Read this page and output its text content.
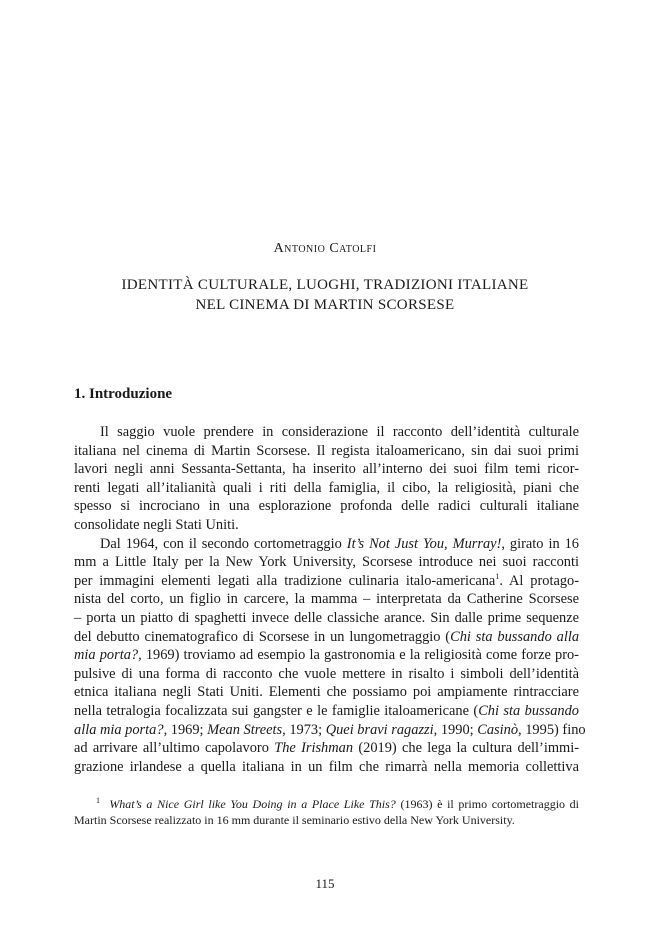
Antonio Catolfi
IDENTITÀ CULTURALE, LUOGHI, TRADIZIONI ITALIANE
NEL CINEMA DI MARTIN SCORSESE
1. Introduzione
Il saggio vuole prendere in considerazione il racconto dell’identità culturale
italiana nel cinema di Martin Scorsese. Il regista italoamericano, sin dai suoi primi
lavori negli anni Sessanta-Settanta, ha inserito all’interno dei suoi film temi ricor-
renti legati all’italianità quali i riti della famiglia, il cibo, la religiosità, piani che
spesso si incrociano in una esplorazione profonda delle radici culturali italiane
consolidate negli Stati Uniti.
Dal 1964, con il secondo cortometraggio It’s Not Just You, Murray!, girato in 16
mm a Little Italy per la New York University, Scorsese introduce nei suoi racconti
per immagini elementi legati alla tradizione culinaria italo-americana$^1$. Al protago-
nista del corto, un figlio in carcere, la mamma – interpretata da Catherine Scorsese
– porta un piatto di spaghetti invece delle classiche arance. Sin dalle prime sequenze
del debutto cinematografico di Scorsese in un lungometraggio (Chi sta bussando alla
mia porta?, 1969) troviamo ad esempio la gastronomia e la religiosità come forze pro-
pulsive di una forma di racconto che vuole mettere in risalto i simboli dell’identità
etnica italiana negli Stati Uniti. Elementi che possiamo poi ampiamente rintracciare
nella tetralogia focalizzata sui gangster e le famiglie italoamericane (Chi sta bussando
alla mia porta?, 1969; Mean Streets, 1973; Quei bravi ragazzi, 1990; Casinò, 1995) fino
ad arrivare all’ultimo capolavoro The Irishman (2019) che lega la cultura dell’immi-
grazione irlandese a quella italiana in un film che rimarrà nella memoria collettiva
$^1$ What’s a Nice Girl like You Doing in a Place Like This? (1963) è il primo cortometraggio di
Martin Scorsese realizzato in 16 mm durante il seminario estivo della New York University.
115
